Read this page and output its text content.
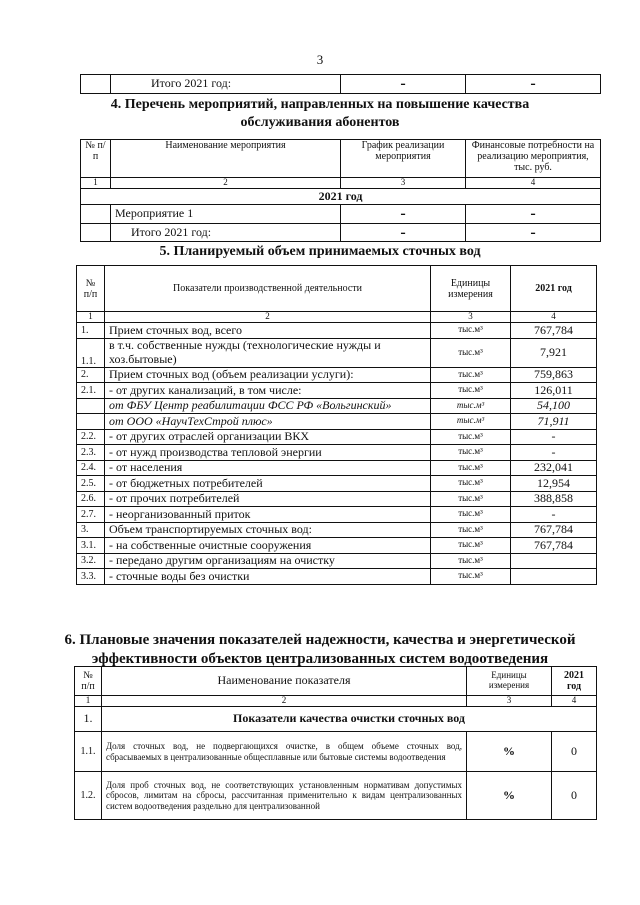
3
	Итого 2021 год:	-	-
4. Перечень мероприятий, направленных на повышение качества
обслуживания абонентов
№ п/п	Наименование мероприятия	График реализации мероприятия	Финансовые потребности на реализацию мероприятия, тыс. руб.
1	2	3	4
2021 год			
	Мероприятие 1	-	-
	Итого 2021 год:	-	-
5. Планируемый объем принимаемых сточных вод
№ п/п	Показатели производственной деятельности	Единицы измерения	2021 год
1	2	3	4
1.	Прием сточных вод, всего	тыс.м³	767,784
1.1.	в т.ч. собственные нужды (технологические нужды и хоз.бытовые)	тыс.м³	7,921
2.	Прием сточных вод (объем реализации услуги):	тыс.м³	759,863
2.1.	- от других канализаций, в том числе:	тыс.м³	126,011
	от ФБУ Центр реабилитации ФСС РФ «Вольгинский»	тыс.м³	54,100
	от ООО «НаучТехСтрой плюс»	тыс.м³	71,911
2.2.	- от других отраслей организации ВКХ	тыс.м³	-
2.3.	- от нужд производства тепловой энергии	тыс.м³	-
2.4.	- от населения	тыс.м³	232,041
2.5.	- от бюджетных потребителей	тыс.м³	12,954
2.6.	- от прочих потребителей	тыс.м³	388,858
2.7.	- неорганизованный приток	тыс.м³	-
3.	Объем транспортируемых сточных вод:	тыс.м³	767,784
3.1.	- на собственные очистные сооружения	тыс.м³	767,784
3.2.	- передано другим организациям на очистку	тыс.м³	
3.3.	- сточные воды без очистки	тыс.м³	
6. Плановые значения показателей надежности, качества и энергетической
эффективности объектов централизованных систем водоотведения
№ п/п	Наименование показателя	Единицы измерения	2021 год
1	2	3	4
1.	Показатели качества очистки сточных вод		
1.1.	Доля сточных вод, не подвергающихся очистке, в общем объеме сточных вод, сбрасываемых в централизованные общесплавные или бытовые системы водоотведения	%	0
1.2.	Доля проб сточных вод, не соответствующих установленным нормативам допустимых сбросов, лимитам на сбросы, рассчитанная применительно к видам централизованных систем водоотведения раздельно для централизованной	%	0
